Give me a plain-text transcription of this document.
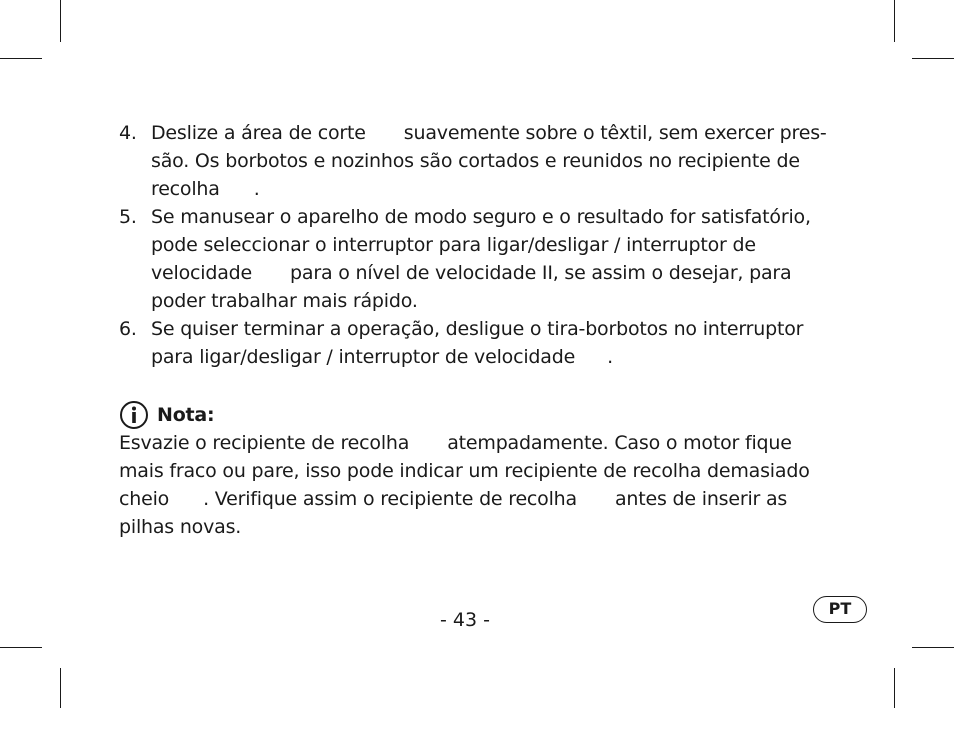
4. Deslize a área de corte suavemente sobre o têxtil, sem exercer pres-
são. Os borbotos e nozinhos são cortados e reunidos no recipiente de
recolha .
5. Se manusear o aparelho de modo seguro e o resultado for satisfatório,
pode seleccionar o interruptor para ligar/desligar / interruptor de
velocidade para o nível de velocidade II, se assim o desejar, para
poder trabalhar mais rápido.
6. Se quiser terminar a operação, desligue o tira-borbotos no interruptor
para ligar/desligar / interruptor de velocidade .
Nota:
Esvazie o recipiente de recolha atempadamente. Caso o motor fique
mais fraco ou pare, isso pode indicar um recipiente de recolha demasiado
cheio . Verifique assim o recipiente de recolha antes de inserir as
pilhas novas.
- 43 -
PT
